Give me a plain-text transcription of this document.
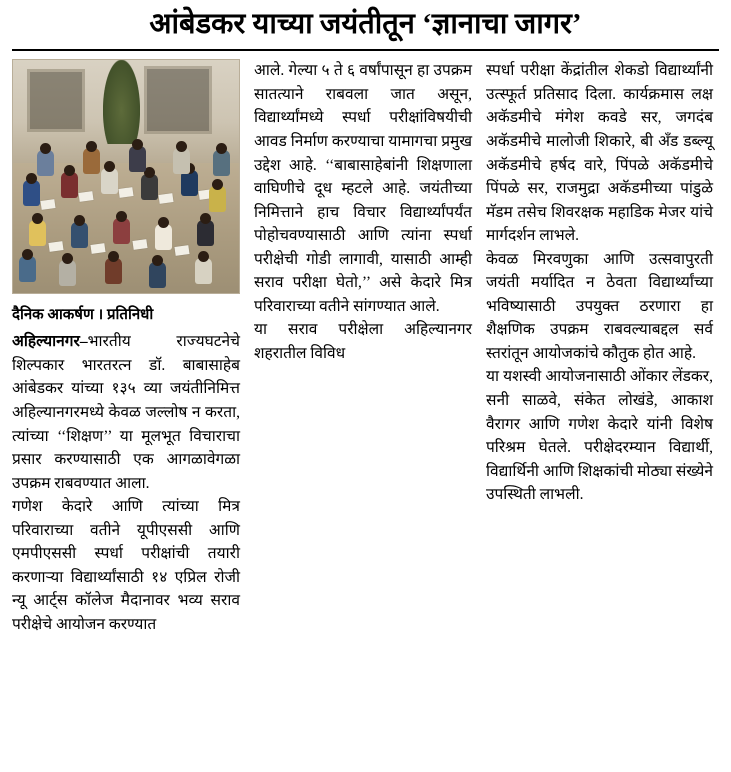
आंबेडकर याच्या जयंतीतून ‘ज्ञानाचा जागर’
दैनिक आकर्षण । प्रतिनिधी

अहिल्यानगर–भारतीय राज्यघटनेचे शिल्पकार भारतरत्न डॉ. बाबासाहेब आंबेडकर यांच्या १३५ व्या जयंतीनिमित्त अहिल्यानगरमध्ये केवळ जल्लोष न करता, त्यांच्या ‘‘शिक्षण’’ या मूलभूत विचाराचा प्रसार करण्यासाठी एक आगळावेगळा उपक्रम राबवण्यात आला.

गणेश केदारे आणि त्यांच्या मित्र परिवाराच्या वतीने यूपीएससी आणि एमपीएससी स्पर्धा परीक्षांची तयारी करणाऱ्या विद्यार्थ्यांसाठी १४ एप्रिल रोजी न्यू आर्ट्स कॉलेज मैदानावर भव्य सराव परीक्षेचे आयोजन करण्यात

आले. गेल्या ५ ते ६ वर्षांपासून हा उपक्रम सातत्याने राबवला जात असून, विद्यार्थ्यांमध्ये स्पर्धा परीक्षांविषयीची आवड निर्माण करण्याचा यामागचा प्रमुख उद्देश आहे. ‘‘बाबासाहेबांनी शिक्षणाला वाघिणीचे दूध म्हटले आहे. जयंतीच्या निमित्ताने हाच विचार विद्यार्थ्यांपर्यंत पोहोचवण्यासाठी आणि त्यांना स्पर्धा परीक्षेची गोडी लागावी, यासाठी आम्ही सराव परीक्षा घेतो,’’ असे केदारे मित्र परिवाराच्या वतीने सांगण्यात आले.

या सराव परीक्षेला अहिल्यानगर शहरातील विविध

स्पर्धा परीक्षा केंद्रांतील शेकडो विद्यार्थ्यांनी उत्स्फूर्त प्रतिसाद दिला. कार्यक्रमास लक्ष अकॅडमीचे मंगेश कवडे सर, जगदंब अकॅडमीचे मालोजी शिकारे, बी अँड डब्ल्यू अकॅडमीचे हर्षद वारे, पिंपळे अकॅडमीचे पिंपळे सर, राजमुद्रा अकॅडमीच्या पांडुळे मॅडम तसेच शिवरक्षक महाडिक मेजर यांचे मार्गदर्शन लाभले.

केवळ मिरवणुका आणि उत्सवापुरती जयंती मर्यादित न ठेवता विद्यार्थ्यांच्या भविष्यासाठी उपयुक्त ठरणारा हा शैक्षणिक उपक्रम राबवल्याबद्दल सर्व स्तरांतून आयोजकांचे कौतुक होत आहे.

या यशस्वी आयोजनासाठी ओंकार लेंडकर, सनी साळवे, संकेत लोखंडे, आकाश वैरागर आणि गणेश केदारे यांनी विशेष परिश्रम घेतले. परीक्षेदरम्यान विद्यार्थी, विद्यार्थिनी आणि शिक्षकांची मोठ्या संख्येने उपस्थिती लाभली.
